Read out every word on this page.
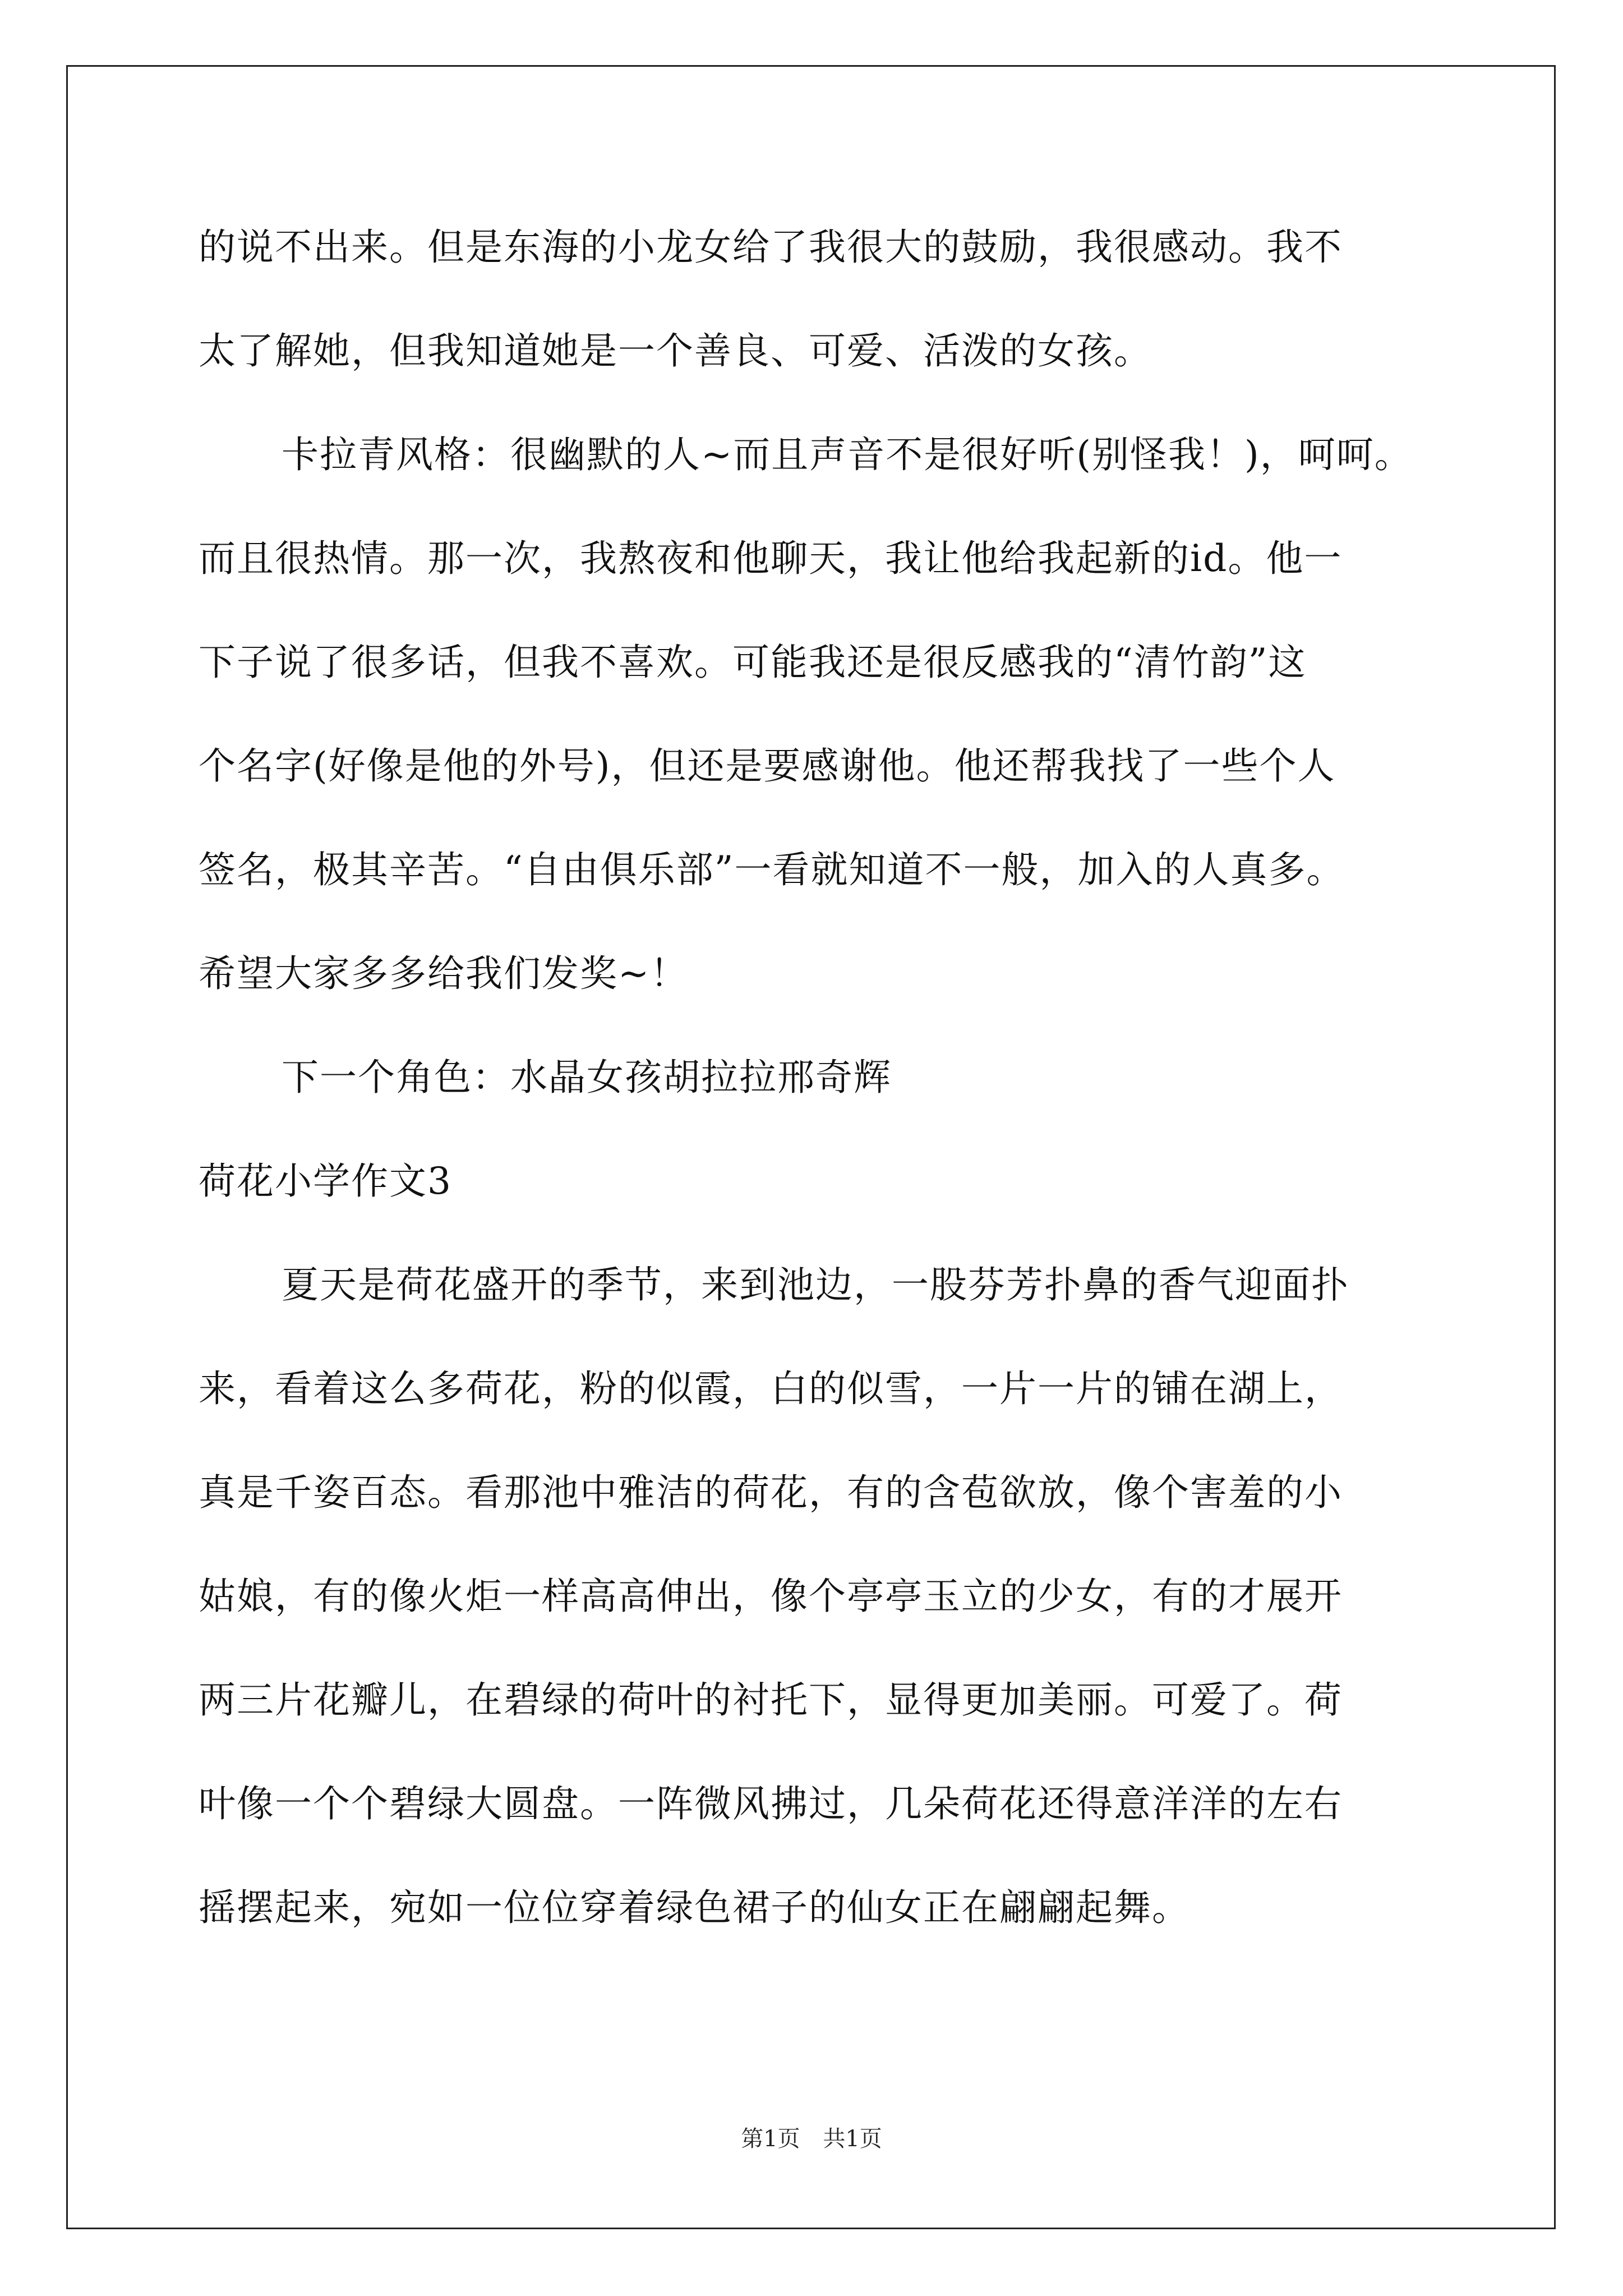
的说不出来。但是东海的小龙女给了我很大的鼓励，我很感动。我不
太了解她，但我知道她是一个善良、可爱、活泼的女孩。
卡拉青风格：很幽默的人~而且声音不是很好听(别怪我！)，呵呵。
而且很热情。那一次，我熬夜和他聊天，我让他给我起新的id。他一
下子说了很多话，但我不喜欢。可能我还是很反感我的“清竹韵”这
个名字(好像是他的外号)，但还是要感谢他。他还帮我找了一些个人
签名，极其辛苦。“自由俱乐部”一看就知道不一般，加入的人真多。
希望大家多多给我们发奖~！
下一个角色：水晶女孩胡拉拉邢奇辉
荷花小学作文3
夏天是荷花盛开的季节，来到池边，一股芬芳扑鼻的香气迎面扑
来，看着这么多荷花，粉的似霞，白的似雪，一片一片的铺在湖上，
真是千姿百态。看那池中雅洁的荷花，有的含苞欲放，像个害羞的小
姑娘，有的像火炬一样高高伸出，像个亭亭玉立的少女，有的才展开
两三片花瓣儿，在碧绿的荷叶的衬托下，显得更加美丽。可爱了。荷
叶像一个个碧绿大圆盘。一阵微风拂过，几朵荷花还得意洋洋的左右
摇摆起来，宛如一位位穿着绿色裙子的仙女正在翩翩起舞。
第1页 共1页
